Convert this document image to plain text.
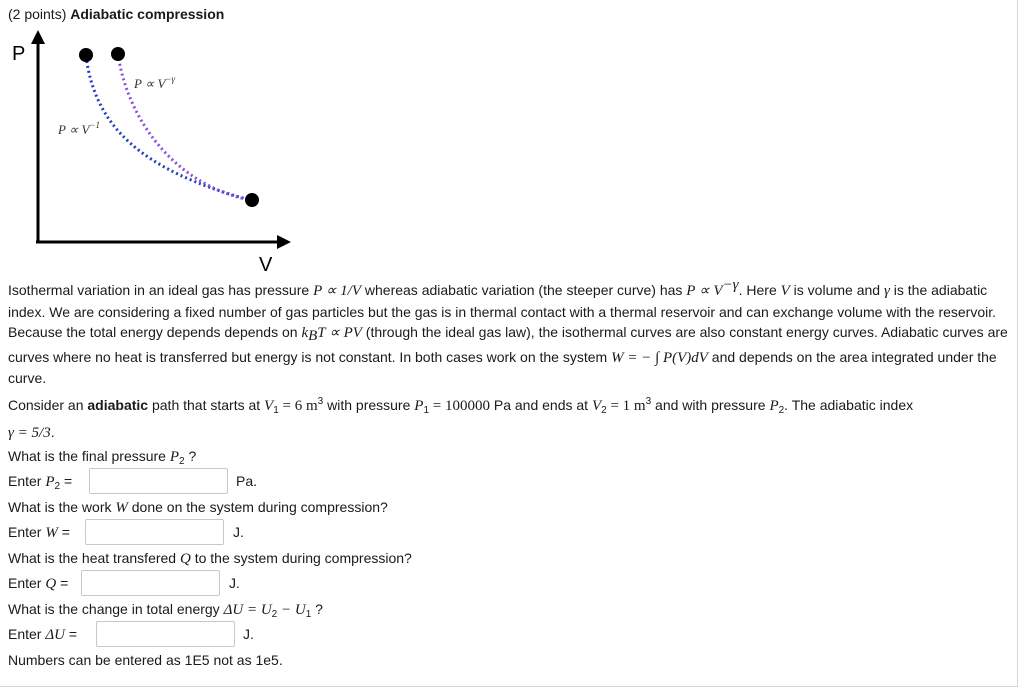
(2 points) Adiabatic compression
P
V
$P \propto V^{-1}$
$P \propto V^{-\gamma}$
Isothermal variation in an ideal gas has pressure P ∝ 1/V whereas adiabatic variation (the steeper curve) has $P \propto V^{-\gamma}$. Here V is volume and γ is the adiabatic index. We are considering a fixed number of gas particles but the gas is in thermal contact with a thermal reservoir and can exchange volume with the reservoir. Because the total energy depends depends on $k_BT$ ∝ PV (through the ideal gas law), the isothermal curves are also constant energy curves. Adiabatic curves are curves where no heat is transferred but energy is not constant. In both cases work on the system W = − ∫ P(V)dV and depends on the area integrated under the curve.
Consider an adiabatic path that starts at $V_1 = 6$ $m^3$ with pressure $P_1 = 100000$ Pa and ends at $V_2 = 1$ $m^3$ and with pressure $P_2$. The adiabatic index
γ = 5/3.
What is the final pressure $P_2$ ?
Enter $P_2$ =	Pa.
What is the work W done on the system during compression?
Enter W =	J.
What is the heat transfered Q to the system during compression?
Enter Q =	J.
What is the change in total energy $\Delta U = U_2 - U_1$ ?
Enter ΔU =	J.
Numbers can be entered as 1E5 not as 1e5.
